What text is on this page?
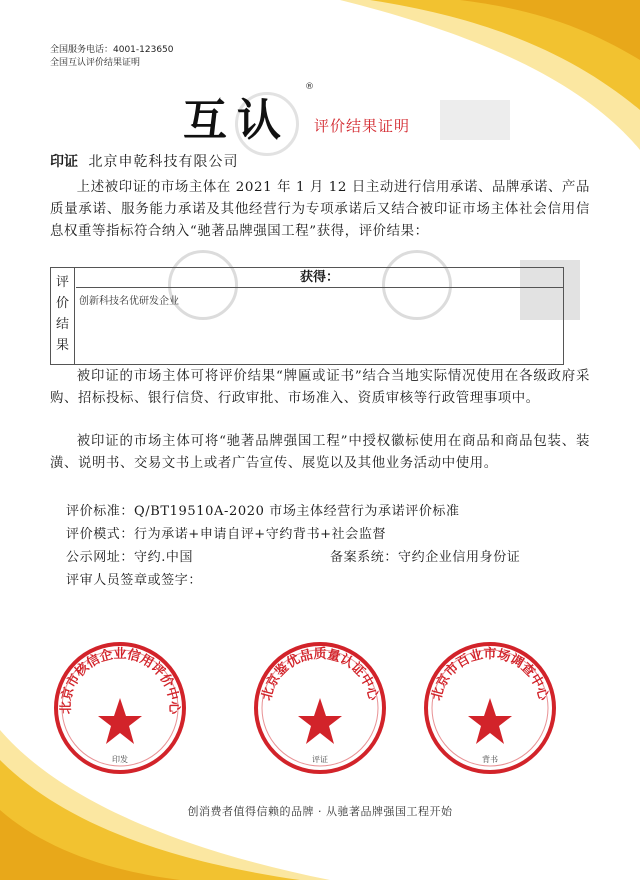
全国服务电话：4001-123650
全国互认评价结果证明
互认
®
评价结果证明
印证 北京申乾科技有限公司
上述被印证的市场主体在 2021 年 1 月 12 日主动进行信用承诺、品牌承诺、产品质量承诺、服务能力承诺及其他经营行为专项承诺后又结合被印证市场主体社会信用信息权重等指标符合纳入“驰著品牌强国工程”获得，评价结果：
评
价
结
果
获得：
创新科技名优研发企业
被印证的市场主体可将评价结果“牌匾或证书”结合当地实际情况使用在各级政府采购、招标投标、银行信贷、行政审批、市场准入、资质审核等行政管理事项中。
被印证的市场主体可将“驰著品牌强国工程”中授权徽标使用在商品和商品包装、装潢、说明书、交易文书上或者广告宣传、展览以及其他业务活动中使用。
评价标准：Q/BT19510A-2020 市场主体经营行为承诺评价标准
评价模式：行为承诺+申请自评+守约背书+社会监督
公示网址：守约.中国	备案系统：守约企业信用身份证
评审人员签章或签字：
北京市核信企业信用评价中心
印发
北京鉴优品质量认证中心
评证
北京市百业市场调查中心
背书
创消费者值得信赖的品牌 · 从驰著品牌强国工程开始
